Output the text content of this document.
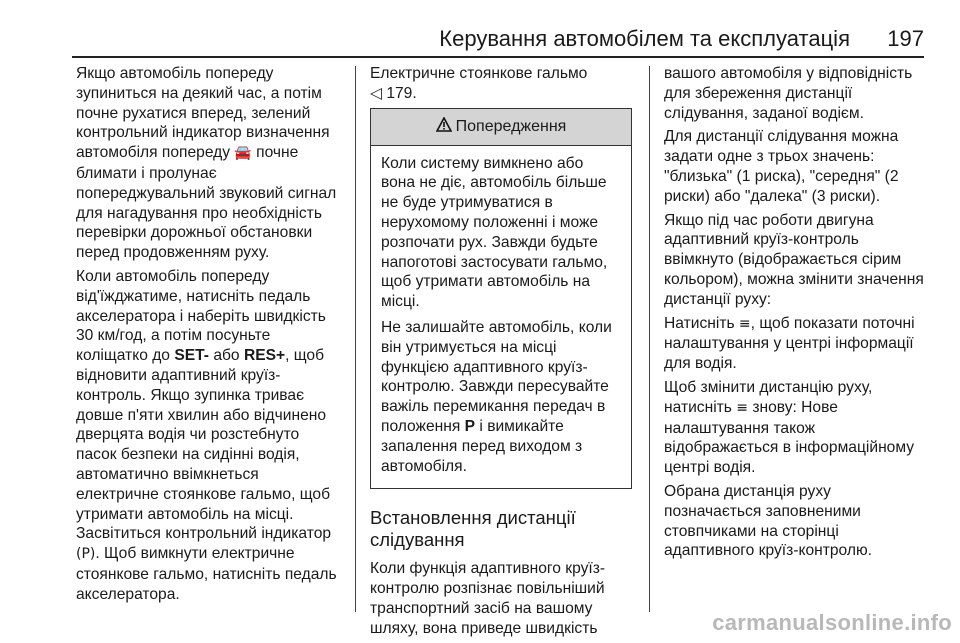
Керування автомобілем та експлуатація 197

Якщо автомобіль попереду зупиниться на деякий час, а потім почне рухатися вперед, зелений контрольний індикатор визначення автомобіля попереду 🚘 почне блимати і пролунає попереджувальний звуковий сигнал для нагадування про необхідність перевірки дорожньої обстановки перед продовженням руху.

Коли автомобіль попереду від'їжджатиме, натисніть педаль акселератора і наберіть швидкість 30 км/год, а потім посуньте коліщатко до SET- або RES+, щоб відновити адаптивний круїз-контроль. Якщо зупинка триває довше п'яти хвилин або відчинено дверцята водія чи розстебнуто пасок безпеки на сидінні водія, автоматично ввімкнеться електричне стоянкове гальмо, щоб утримати автомобіль на місці. Засвітиться контрольний індикатор (P). Щоб вимкнути електричне стоянкове гальмо, натисніть педаль акселератора.

Електричне стоянкове гальмо
◁ 179.

Попередження

Коли систему вимкнено або вона не діє, автомобіль більше не буде утримуватися в нерухомому положенні і може розпочати рух. Завжди будьте напоготові застосувати гальмо, щоб утримати автомобіль на місці.

Не залишайте автомобіль, коли він утримується на місці функцією адаптивного круїз-контролю. Завжди пересувайте важіль перемикання передач в положення P і вимикайте запалення перед виходом з автомобіля.

Встановлення дистанції слідування

Коли функція адаптивного круїз-контролю розпізнає повільніший транспортний засіб на вашому шляху, вона приведе швидкість

вашого автомобіля у відповідність для збереження дистанції слідування, заданої водієм.

Для дистанції слідування можна задати одне з трьох значень: "близька" (1 риска), "середня" (2 риски) або "далека" (3 риски).

Якщо під час роботи двигуна адаптивний круїз-контроль ввімкнуто (відображається сірим кольором), можна змінити значення дистанції руху:

Натисніть ≡, щоб показати поточні налаштування у центрі інформації для водія.

Щоб змінити дистанцію руху, натисніть ≡ знову: Нове налаштування також відображається в інформаційному центрі водія.

Обрана дистанція руху позначається заповненими стовпчиками на сторінці адаптивного круїз-контролю.

carmanualsonline.info
